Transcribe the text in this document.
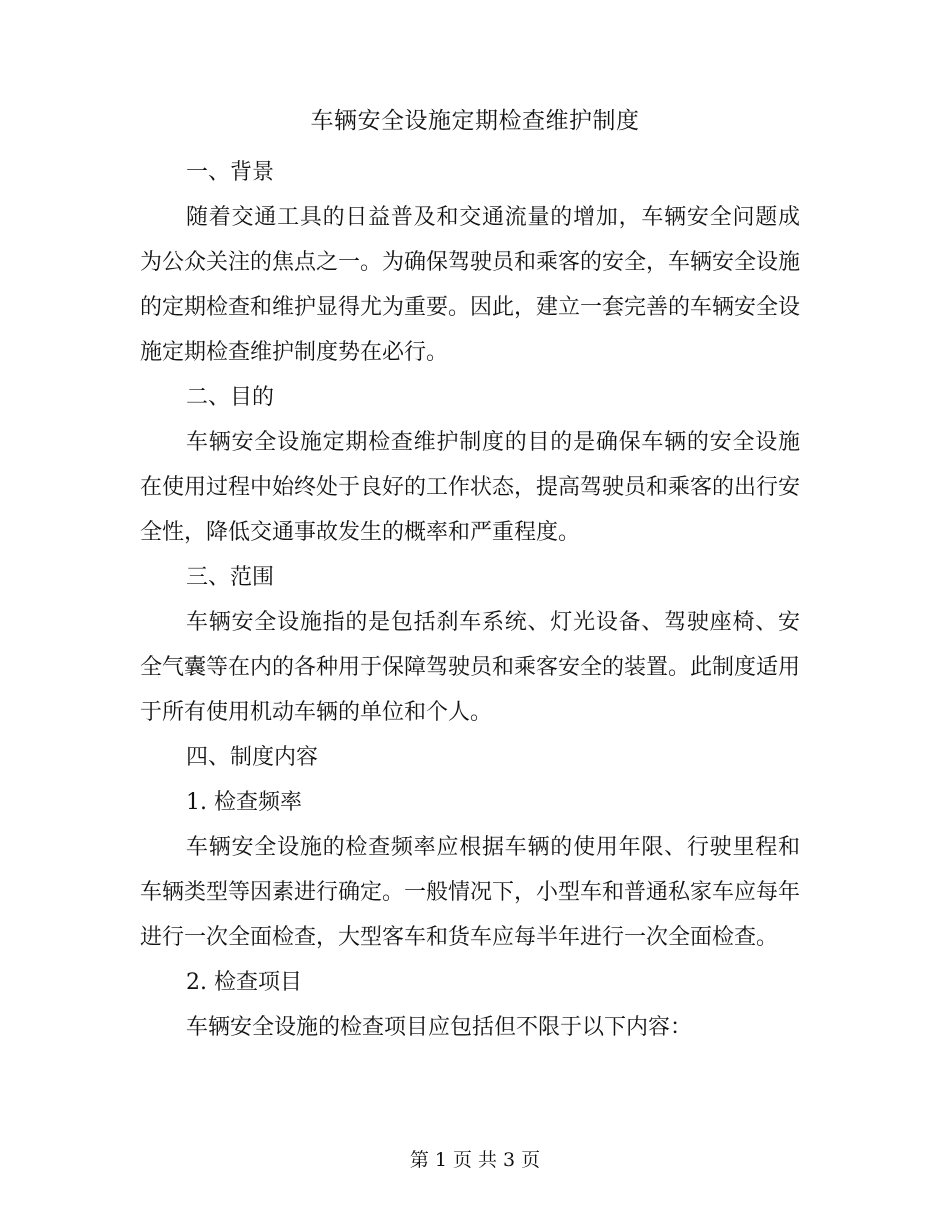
车辆安全设施定期检查维护制度

一、背景

随着交通工具的日益普及和交通流量的增加，车辆安全问题成为公众关注的焦点之一。为确保驾驶员和乘客的安全，车辆安全设施的定期检查和维护显得尤为重要。因此，建立一套完善的车辆安全设施定期检查维护制度势在必行。

二、目的

车辆安全设施定期检查维护制度的目的是确保车辆的安全设施在使用过程中始终处于良好的工作状态，提高驾驶员和乘客的出行安全性，降低交通事故发生的概率和严重程度。

三、范围

车辆安全设施指的是包括刹车系统、灯光设备、驾驶座椅、安全气囊等在内的各种用于保障驾驶员和乘客安全的装置。此制度适用于所有使用机动车辆的单位和个人。

四、制度内容

1. 检查频率

车辆安全设施的检查频率应根据车辆的使用年限、行驶里程和车辆类型等因素进行确定。一般情况下，小型车和普通私家车应每年进行一次全面检查，大型客车和货车应每半年进行一次全面检查。

2. 检查项目

车辆安全设施的检查项目应包括但不限于以下内容：

第 1 页 共 3 页
